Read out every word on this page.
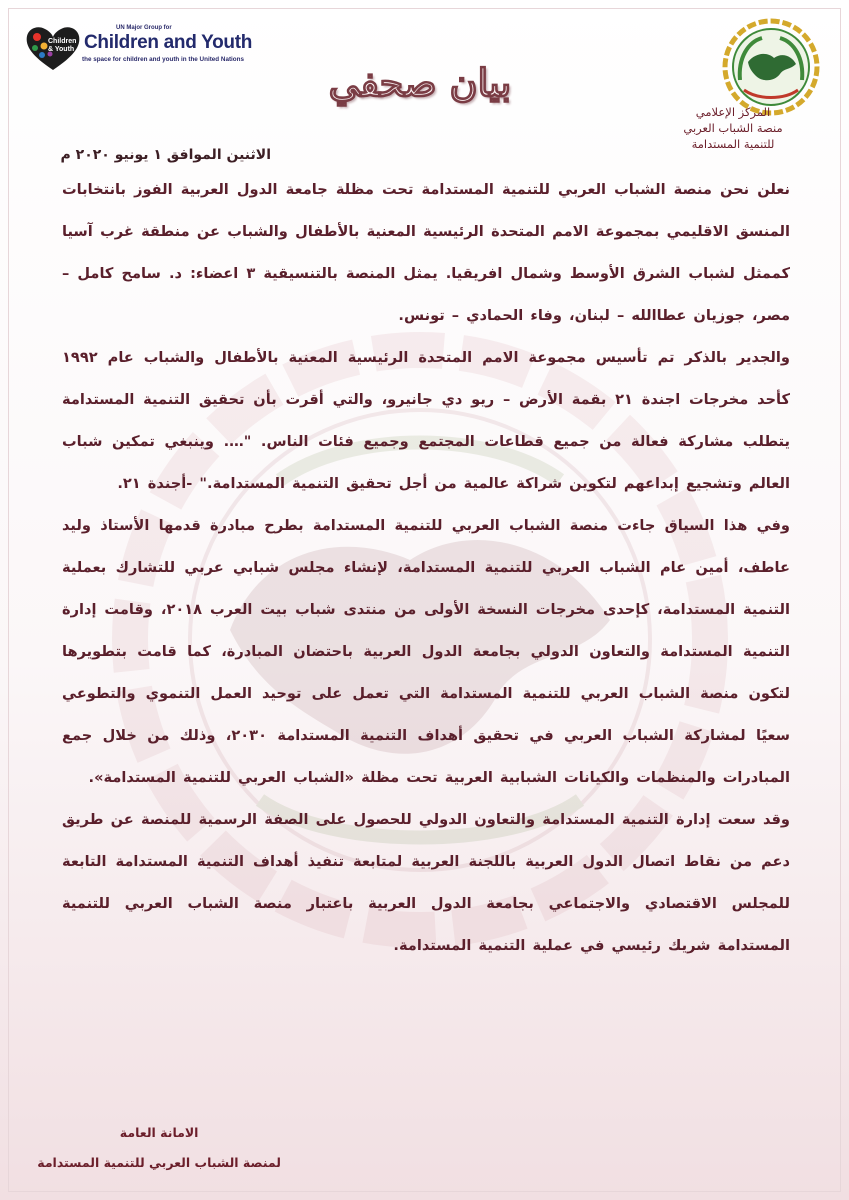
Children & Youth
UN Major Group for
Children and Youth
the space for children and youth in the United Nations
المركز الإعلامي
منصة الشباب العربي
للتنمية المستدامة
بيان صحفي
الاثنين الموافق ١ يونيو ٢٠٢٠ م

نعلن نحن منصة الشباب العربي للتنمية المستدامة تحت مظلة جامعة الدول العربية الفوز بانتخابات المنسق الاقليمي بمجموعة الامم المتحدة الرئيسية المعنية بالأطفال والشباب عن منطقة غرب آسيا كممثل لشباب الشرق الأوسط وشمال افريقيا. يمثل المنصة بالتنسيقية ٣ اعضاء: د. سامح كامل – مصر، جوزيان عطاالله – لبنان، وفاء الحمادي – تونس.

والجدير بالذكر تم تأسيس مجموعة الامم المتحدة الرئيسية المعنية بالأطفال والشباب عام ١٩٩٢ كأحد مخرجات اجندة ٢١ بقمة الأرض – ريو دي جانيرو، والتي أقرت بأن تحقيق التنمية المستدامة يتطلب مشاركة فعالة من جميع قطاعات المجتمع وجميع فئات الناس. "…. وينبغي تمكين شباب العالم وتشجيع إبداعهم لتكوين شراكة عالمية من أجل تحقيق التنمية المستدامة." -أجندة ٢١.

وفي هذا السياق جاءت منصة الشباب العربي للتنمية المستدامة بطرح مبادرة قدمها الأستاذ وليد عاطف، أمين عام الشباب العربي للتنمية المستدامة، لإنشاء مجلس شبابي عربي للتشارك بعملية التنمية المستدامة، كإحدى مخرجات النسخة الأولى من منتدى شباب بيت العرب ٢٠١٨، وقامت إدارة التنمية المستدامة والتعاون الدولي بجامعة الدول العربية باحتضان المبادرة، كما قامت بتطويرها لتكون منصة الشباب العربي للتنمية المستدامة التي تعمل على توحيد العمل التنموي والتطوعي سعيًا لمشاركة الشباب العربي في تحقيق أهداف التنمية المستدامة ٢٠٣٠، وذلك من خلال جمع المبادرات والمنظمات والكيانات الشبابية العربية تحت مظلة «الشباب العربي للتنمية المستدامة».

وقد سعت إدارة التنمية المستدامة والتعاون الدولي للحصول على الصفة الرسمية للمنصة عن طريق دعم من نقاط اتصال الدول العربية باللجنة العربية لمتابعة تنفيذ أهداف التنمية المستدامة التابعة للمجلس الاقتصادي والاجتماعي بجامعة الدول العربية باعتبار منصة الشباب العربي للتنمية المستدامة شريك رئيسي في عملية التنمية المستدامة.

الامانة العامة
لمنصة الشباب العربي للتنمية المستدامة
